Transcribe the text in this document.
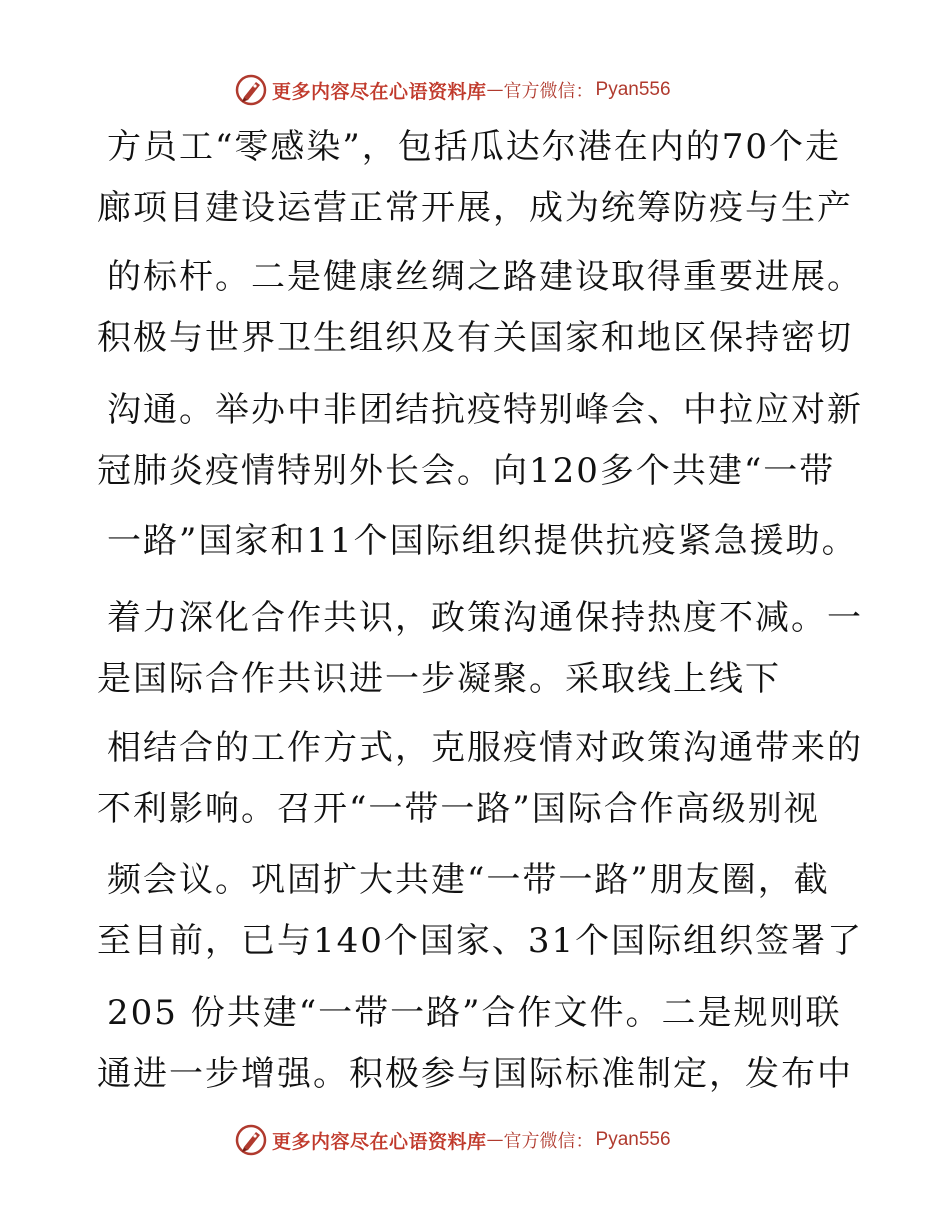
更多内容尽在心语资料库 — 官方微信： Pyan556
方员工“零感染”，包括瓜达尔港在内的70个走
廊项目建设运营正常开展，成为统筹防疫与生产
的标杆。二是健康丝绸之路建设取得重要进展。
积极与世界卫生组织及有关国家和地区保持密切
沟通。举办中非团结抗疫特别峰会、中拉应对新
冠肺炎疫情特别外长会。向120多个共建“一带
一路”国家和11个国际组织提供抗疫紧急援助。
着力深化合作共识，政策沟通保持热度不减。一
是国际合作共识进一步凝聚。采取线上线下
相结合的工作方式，克服疫情对政策沟通带来的
不利影响。召开“一带一路”国际合作高级别视
频会议。巩固扩大共建“一带一路”朋友圈，截
至目前，已与140个国家、31个国际组织签署了
205 份共建“一带一路”合作文件。二是规则联
通进一步增强。积极参与国际标准制定，发布中
更多内容尽在心语资料库 — 官方微信： Pyan556
